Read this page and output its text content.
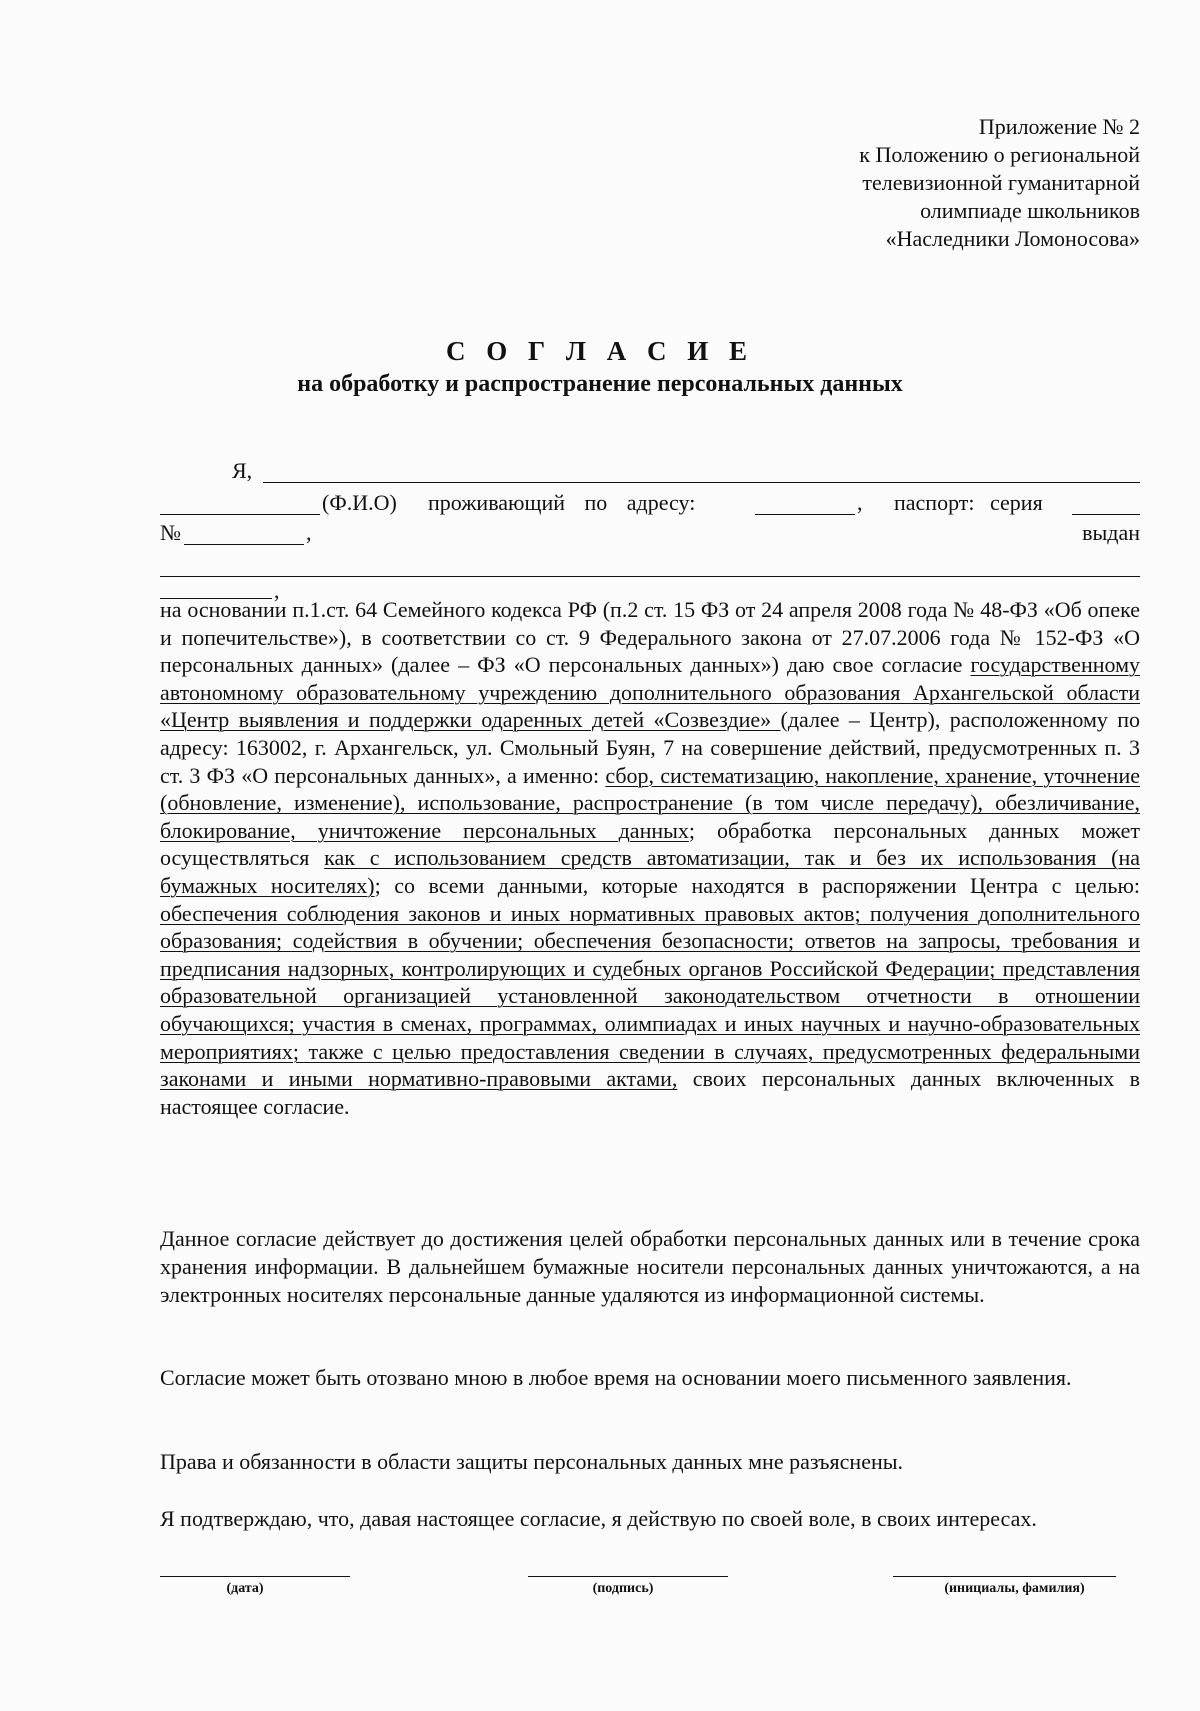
Приложение № 2
к Положению о региональной
телевизионной гуманитарной
олимпиаде школьников
«Наследники Ломоносова»
С О Г Л А С И Е
на обработку и распространение персональных данных
Я,
(Ф.И.О) проживающий по адресу:	, паспорт: серия
№	,	выдан
,

на основании п.1.ст. 64 Семейного кодекса РФ (п.2 ст. 15 ФЗ от 24 апреля 2008 года № 48-ФЗ «Об опеке и попечительстве»), в соответствии со ст. 9 Федерального закона от 27.07.2006 года № 152-ФЗ «О персональных данных» (далее – ФЗ «О персональных данных») даю свое согласие государственному автономному образовательному учреждению дополнительного образования Архангельской области «Центр выявления и поддержки одаренных детей «Созвездие» (далее – Центр), расположенному по адресу: 163002, г. Архангельск, ул. Смольный Буян, 7 на совершение действий, предусмотренных п. 3 ст. 3 ФЗ «О персональных данных», а именно: сбор, систематизацию, накопление, хранение, уточнение (обновление, изменение), использование, распространение (в том числе передачу), обезличивание, блокирование, уничтожение персональных данных; обработка персональных данных может осуществляться как с использованием средств автоматизации, так и без их использования (на бумажных носителях); со всеми данными, которые находятся в распоряжении Центра с целью: обеспечения соблюдения законов и иных нормативных правовых актов; получения дополнительного образования; содействия в обучении; обеспечения безопасности; ответов на запросы, требования и предписания надзорных, контролирующих и судебных органов Российской Федерации; представления образовательной организацией установленной законодательством отчетности в отношении обучающихся; участия в сменах, программах, олимпиадах и иных научных и научно-образовательных мероприятиях; также с целью предоставления сведении в случаях, предусмотренных федеральными законами и иными нормативно-правовыми актами, своих персональных данных включенных в настоящее согласие.

Данное согласие действует до достижения целей обработки персональных данных или в течение срока хранения информации. В дальнейшем бумажные носители персональных данных уничтожаются, а на электронных носителях персональные данные удаляются из информационной системы.

Согласие может быть отозвано мною в любое время на основании моего письменного заявления.

Права и обязанности в области защиты персональных данных мне разъяснены.

Я подтверждаю, что, давая настоящее согласие, я действую по своей воле, в своих интересах.

(дата)	(подпись)	(инициалы, фамилия)
